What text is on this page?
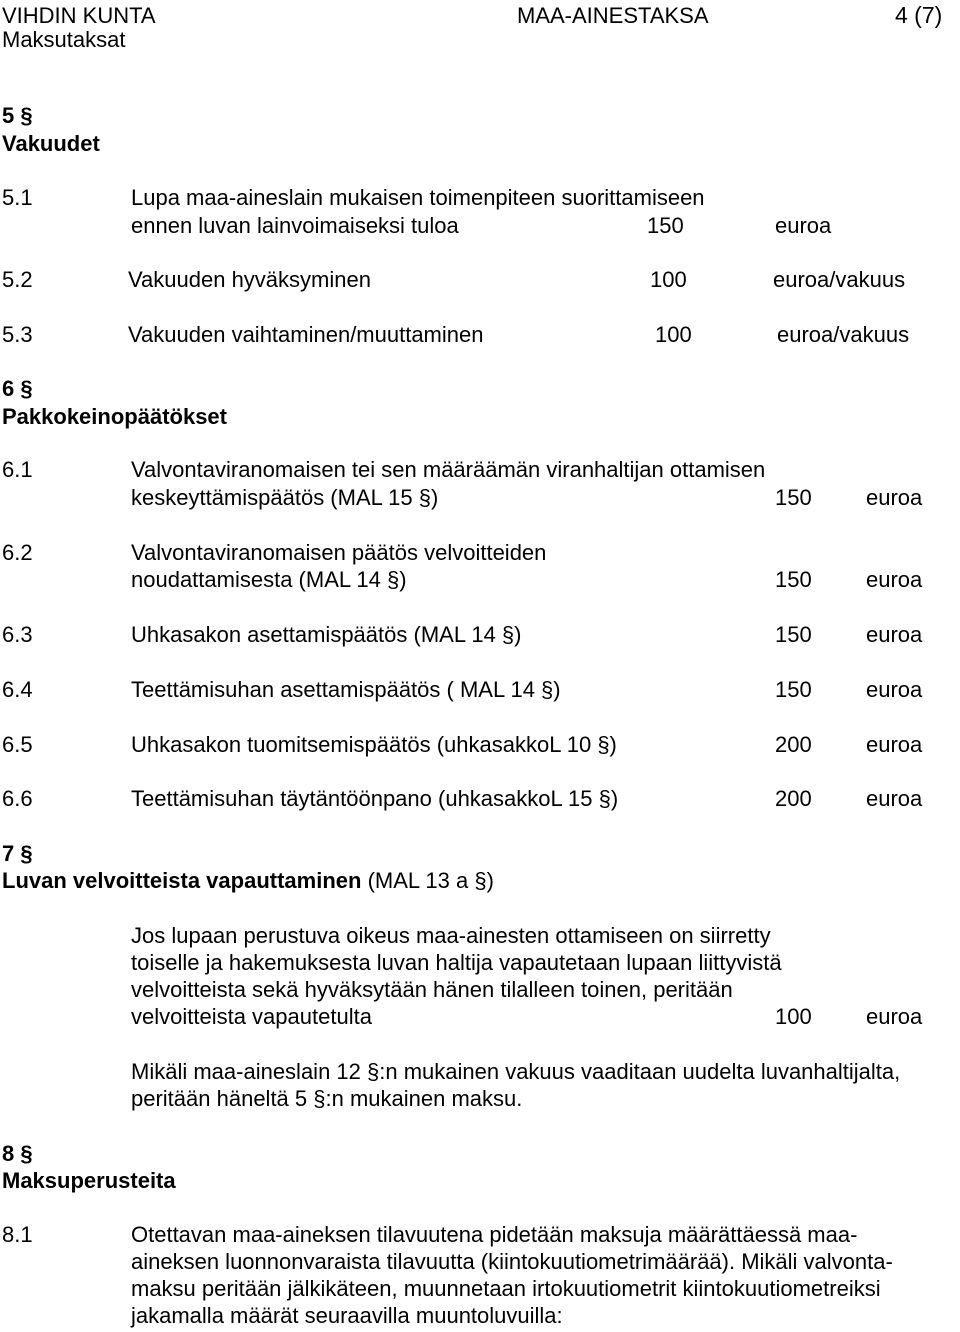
VIHDIN KUNTA	MAA-AINESTAKSA	4 (7)
Maksutaksat
5 §
Vakuudet
5.1	Lupa maa-aineslain mukaisen toimenpiteen suorittamiseen
ennen luvan lainvoimaiseksi tuloa	150	euroa
5.2	Vakuuden hyväksyminen	100	euroa/vakuus
5.3	Vakuuden vaihtaminen/muuttaminen	100	euroa/vakuus
6 §
Pakkokeinopäätökset
6.1	Valvontaviranomaisen tei sen määräämän viranhaltijan ottamisen
keskeyttämispäätös (MAL 15 §)	150 euroa
6.2	Valvontaviranomaisen päätös velvoitteiden
noudattamisesta (MAL 14 §)	150 euroa
6.3	Uhkasakon asettamispäätös (MAL 14 §)	150 euroa
6.4	Teettämisuhan asettamispäätös ( MAL 14 §)	150 euroa
6.5	Uhkasakon tuomitsemispäätös (uhkasakkoL 10 §)	200 euroa
6.6	Teettämisuhan täytäntöönpano (uhkasakkoL 15 §)	200 euroa
7 §
Luvan velvoitteista vapauttaminen (MAL 13 a §)
Jos lupaan perustuva oikeus maa-ainesten ottamiseen on siirretty
toiselle ja hakemuksesta luvan haltija vapautetaan lupaan liittyvistä
velvoitteista sekä hyväksytään hänen tilalleen toinen, peritään
velvoitteista vapautetulta	100 euroa
Mikäli maa-aineslain 12 §:n mukainen vakuus vaaditaan uudelta luvanhaltijalta,
peritään häneltä 5 §:n mukainen maksu.
8 §
Maksuperusteita
8.1	Otettavan maa-aineksen tilavuutena pidetään maksuja määrättäessä maa-
aineksen luonnonvaraista tilavuutta (kiintokuutiometrimäärää). Mikäli valvonta-
maksu peritään jälkikäteen, muunnetaan irtokuutiometrit kiintokuutiometreiksi
jakamalla määrät seuraavilla muuntoluvuilla:
